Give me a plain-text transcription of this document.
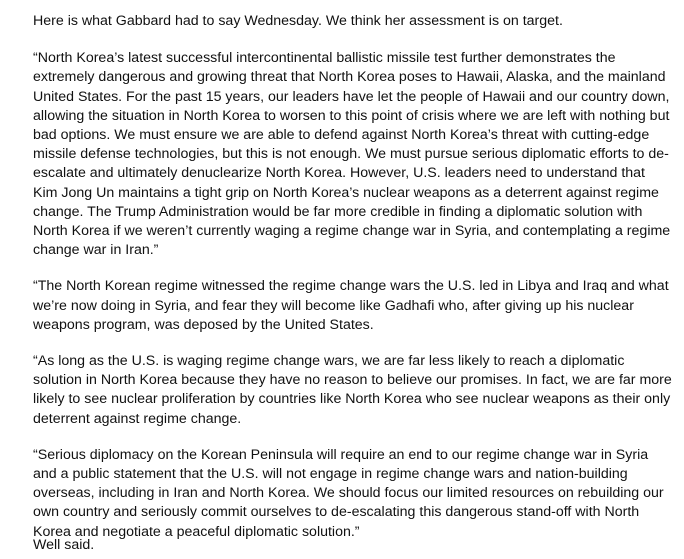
Here is what Gabbard had to say Wednesday. We think her assessment is on target.

“North Korea’s latest successful intercontinental ballistic missile test further demonstrates the extremely dangerous and growing threat that North Korea poses to Hawaii, Alaska, and the mainland United States. For the past 15 years, our leaders have let the people of Hawaii and our country down, allowing the situation in North Korea to worsen to this point of crisis where we are left with nothing but bad options. We must ensure we are able to defend against North Korea’s threat with cutting-edge missile defense technologies, but this is not enough. We must pursue serious diplomatic efforts to de-escalate and ultimately denuclearize North Korea. However, U.S. leaders need to understand that Kim Jong Un maintains a tight grip on North Korea’s nuclear weapons as a deterrent against regime change. The Trump Administration would be far more credible in finding a diplomatic solution with North Korea if we weren’t currently waging a regime change war in Syria, and contemplating a regime change war in Iran.”

“The North Korean regime witnessed the regime change wars the U.S. led in Libya and Iraq and what we’re now doing in Syria, and fear they will become like Gadhafi who, after giving up his nuclear weapons program, was deposed by the United States.

“As long as the U.S. is waging regime change wars, we are far less likely to reach a diplomatic solution in North Korea because they have no reason to believe our promises. In fact, we are far more likely to see nuclear proliferation by countries like North Korea who see nuclear weapons as their only deterrent against regime change.

“Serious diplomacy on the Korean Peninsula will require an end to our regime change war in Syria and a public statement that the U.S. will not engage in regime change wars and nation-building overseas, including in Iran and North Korea. We should focus our limited resources on rebuilding our own country and seriously commit ourselves to de-escalating this dangerous stand-off with North Korea and negotiate a peaceful diplomatic solution.”

Well said.
